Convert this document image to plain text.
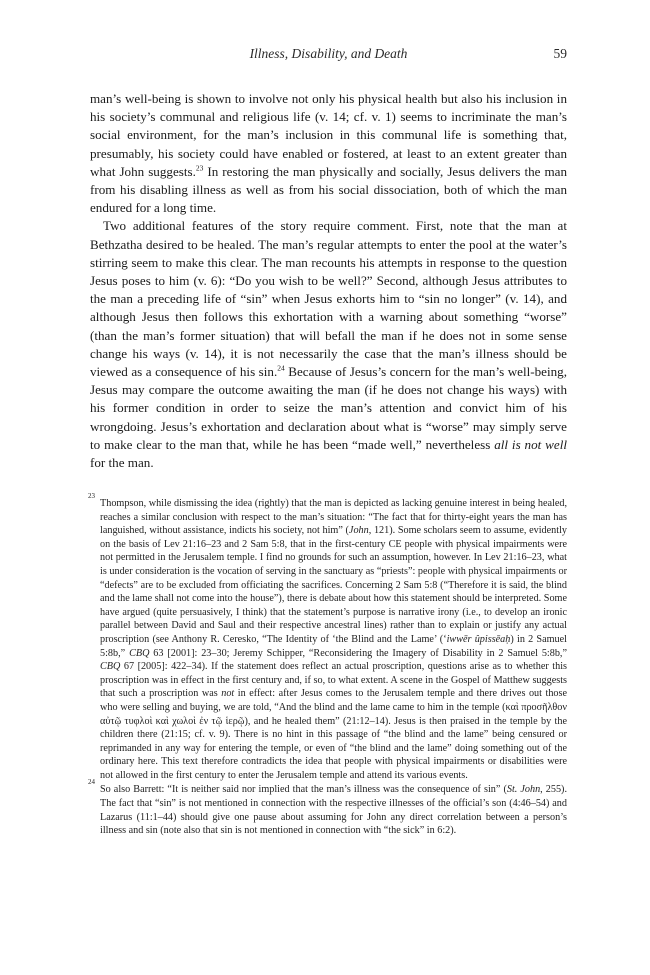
Illness, Disability, and Death	59

man’s well-being is shown to involve not only his physical health but also his inclusion in his society’s communal and religious life (v. 14; cf. v. 1) seems to incriminate the man’s social environment, for the man’s inclusion in this communal life is something that, presumably, his society could have enabled or fostered, at least to an extent greater than what John suggests.$^{23}$ In restoring the man physically and socially, Jesus delivers the man from his disabling illness as well as from his social dissociation, both of which the man endured for a long time.

Two additional features of the story require comment. First, note that the man at Bethzatha desired to be healed. The man’s regular attempts to enter the pool at the water’s stirring seem to make this clear. The man recounts his attempts in response to the question Jesus poses to him (v. 6): “Do you wish to be well?” Second, although Jesus attributes to the man a preceding life of “sin” when Jesus exhorts him to “sin no longer” (v. 14), and although Jesus then follows this exhortation with a warning about something “worse” (than the man’s former situation) that will befall the man if he does not in some sense change his ways (v. 14), it is not necessarily the case that the man’s illness should be viewed as a consequence of his sin.$^{24}$ Because of Jesus’s concern for the man’s well-being, Jesus may compare the outcome awaiting the man (if he does not change his ways) with his former condition in order to seize the man’s attention and convict him of his wrongdoing. Jesus’s exhortation and declaration about what is “worse” may simply serve to make clear to the man that, while he has been “made well,” nevertheless all is not well for the man.

23
Thompson, while dismissing the idea (rightly) that the man is depicted as lacking genuine interest in being healed, reaches a similar conclusion with respect to the man’s situation: “The fact that for thirty-eight years the man has languished, without assistance, indicts his society, not him” (John, 121). Some scholars seem to assume, evidently on the basis of Lev 21:16–23 and 2 Sam 5:8, that in the first-century CE people with physical impairments were not permitted in the Jerusalem temple. I find no grounds for such an assumption, however. In Lev 21:16–23, what is under consideration is the vocation of serving in the sanctuary as “priests”: people with physical impairments or “defects” are to be excluded from officiating the sacrifices. Concerning 2 Sam 5:8 (“Therefore it is said, the blind and the lame shall not come into the house”), there is debate about how this statement should be interpreted. Some have argued (quite persuasively, I think) that the statement’s purpose is narrative irony (i.e., to develop an ironic parallel between David and Saul and their respective ancestral lines) rather than to explain or justify any actual proscription (see Anthony R. Ceresko, “The Identity of ‘the Blind and the Lame’ (‘iwwēr ûpissēaḥ) in 2 Samuel 5:8b,” CBQ 63 [2001]: 23–30; Jeremy Schipper, “Reconsidering the Imagery of Disability in 2 Samuel 5:8b,” CBQ 67 [2005]: 422–34). If the statement does reflect an actual proscription, questions arise as to whether this proscription was in effect in the first century and, if so, to what extent. A scene in the Gospel of Matthew suggests that such a proscription was not in effect: after Jesus comes to the Jerusalem temple and there drives out those who were selling and buying, we are told, “And the blind and the lame came to him in the temple (καὶ προσῆλθον αὐτῷ τυφλοὶ καὶ χωλοὶ ἐν τῷ ἱερῷ), and he healed them” (21:12–14). Jesus is then praised in the temple by the children there (21:15; cf. v. 9). There is no hint in this passage of “the blind and the lame” being censured or reprimanded in any way for entering the temple, or even of “the blind and the lame” doing something out of the ordinary here. This text therefore contradicts the idea that people with physical impairments or disabilities were not allowed in the first century to enter the Jerusalem temple and attend its various events.
24
So also Barrett: “It is neither said nor implied that the man’s illness was the consequence of sin” (St. John, 255). The fact that “sin” is not mentioned in connection with the respective illnesses of the official’s son (4:46–54) and Lazarus (11:1–44) should give one pause about assuming for John any direct correlation between a person’s illness and sin (note also that sin is not mentioned in connection with “the sick” in 6:2).
